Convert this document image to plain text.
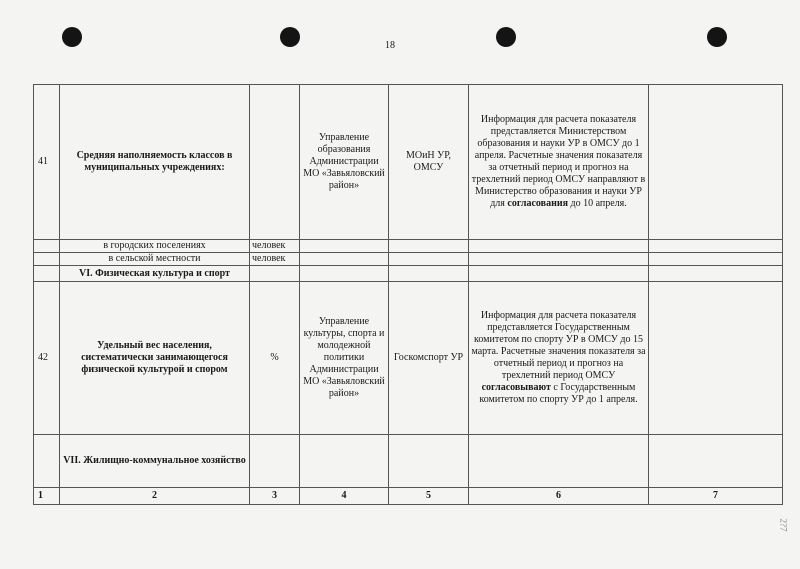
18
2?7
41	Средняя наполняемость классов в муниципальных учреждениях:		Управление образования Администрации МО «Завьяловский район»	МОиН УР, ОМСУ	Информация для расчета показателя представляется Министерством образования и науки УР в ОМСУ до 1 апреля. Расчетные значения показателя за отчетный период и прогноз на трехлетний период ОМСУ направляют в Министерство образования и науки УР для согласования до 10 апреля.	
	в городских поселениях	человек				
	в сельской местности	человек				
	VI. Физическая культура и спорт					
42	Удельный вес населения, систематически занимающегося физической культурой и спором	%	Управление культуры, спорта и молодежной политики Администрации МО «Завьяловский район»	Госкомспорт УР	Информация для расчета показателя представляется Государственным комитетом по спорту УР в ОМСУ до 15 марта. Расчетные значения показателя за отчетный период и прогноз на трехлетний период ОМСУ согласовывают с Государственным комитетом по спорту УР до 1 апреля.	
	VII. Жилищно-коммунальное хозяйство					
1	2	3	4	5	6	7
